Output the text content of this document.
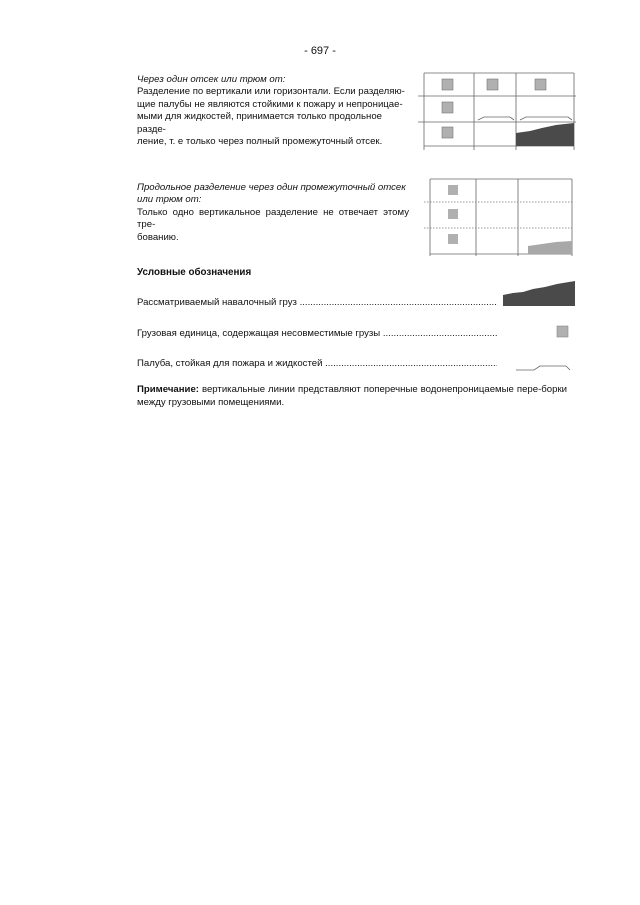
- 697 -
Через один отсек или трюм от:
Разделение по вертикали или горизонтали. Если разделяю-
щие палубы не являются стойкими к пожару и непроницае-
мыми для жидкостей, принимается только продольное разде-
ление, т. е только через полный промежуточный отсек.
Продольное разделение через один промежуточный отсек
или трюм от:
Только одно вертикальное разделение не отвечает этому тре-
бованию.
Условные обозначения
Рассматриваемый навалочный груз .....
Грузовая единица, содержащая несовместимые грузы .....
Палуба, стойкая для пожара и жидкостей .....
Примечание: вертикальные линии представляют поперечные водонепроницаемые пере-борки между грузовыми помещениями.
